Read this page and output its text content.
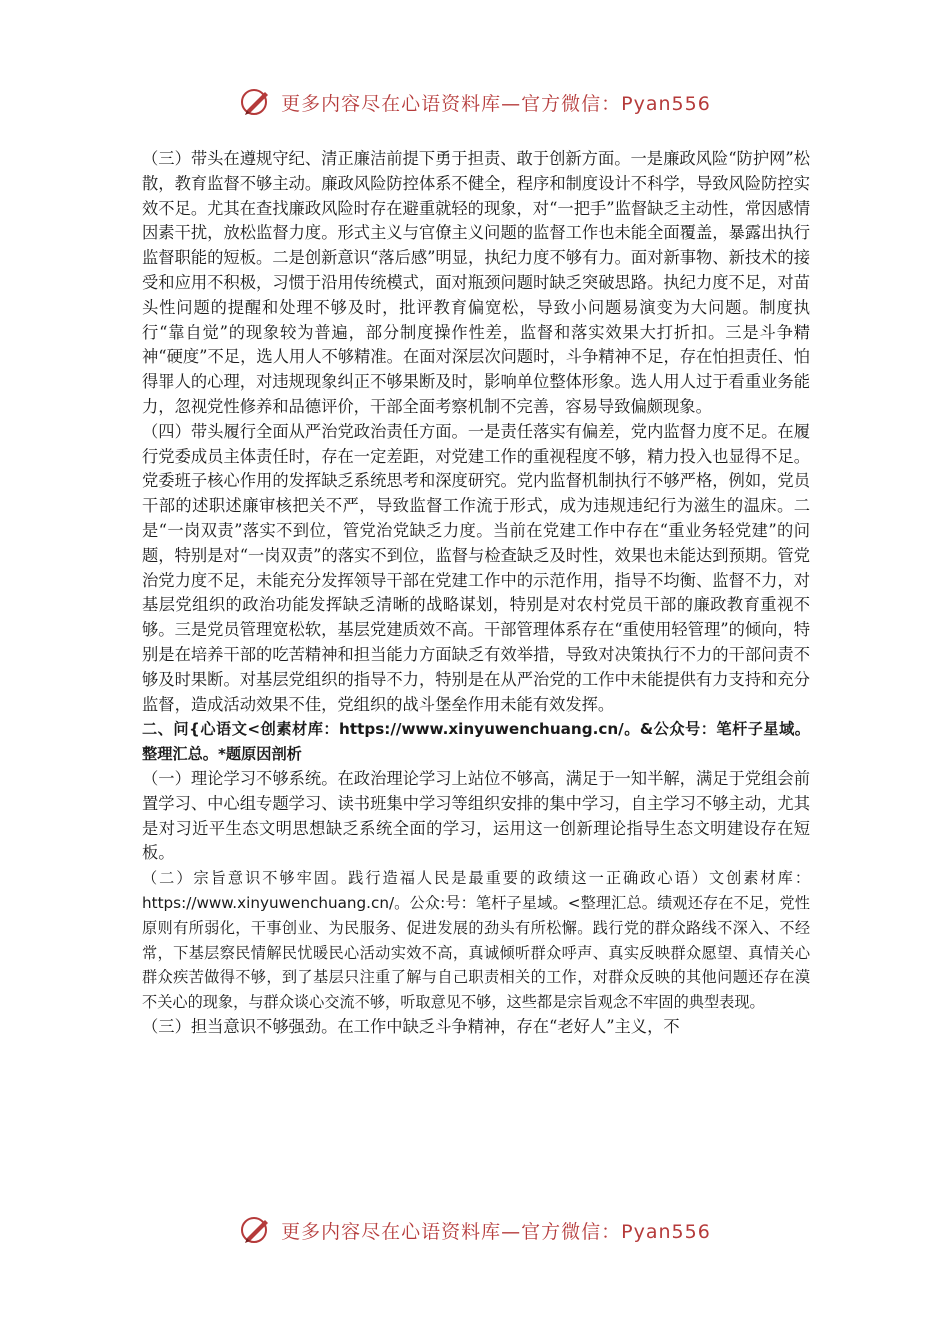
更多内容尽在心语资料库—官方微信：Pyan556

（三）带头在遵规守纪、清正廉洁前提下勇于担责、敢于创新方面。一是廉政风险“防护网”松散，教育监督不够主动。廉政风险防控体系不健全，程序和制度设计不科学，导致风险防控实效不足。尤其在查找廉政风险时存在避重就轻的现象，对“一把手”监督缺乏主动性，常因感情因素干扰，放松监督力度。形式主义与官僚主义问题的监督工作也未能全面覆盖，暴露出执行监督职能的短板。二是创新意识“落后感”明显，执纪力度不够有力。面对新事物、新技术的接受和应用不积极，习惯于沿用传统模式，面对瓶颈问题时缺乏突破思路。执纪力度不足，对苗头性问题的提醒和处理不够及时，批评教育偏宽松，导致小问题易演变为大问题。制度执行“靠自觉”的现象较为普遍，部分制度操作性差，监督和落实效果大打折扣。三是斗争精神“硬度”不足，选人用人不够精准。在面对深层次问题时，斗争精神不足，存在怕担责任、怕得罪人的心理，对违规现象纠正不够果断及时，影响单位整体形象。选人用人过于看重业务能力，忽视党性修养和品德评价，干部全面考察机制不完善，容易导致偏颇现象。

（四）带头履行全面从严治党政治责任方面。一是责任落实有偏差，党内监督力度不足。在履行党委成员主体责任时，存在一定差距，对党建工作的重视程度不够，精力投入也显得不足。党委班子核心作用的发挥缺乏系统思考和深度研究。党内监督机制执行不够严格，例如，党员干部的述职述廉审核把关不严，导致监督工作流于形式，成为违规违纪行为滋生的温床。二是“一岗双责”落实不到位，管党治党缺乏力度。当前在党建工作中存在“重业务轻党建”的问题，特别是对“一岗双责”的落实不到位，监督与检查缺乏及时性，效果也未能达到预期。管党治党力度不足，未能充分发挥领导干部在党建工作中的示范作用，指导不均衡、监督不力，对基层党组织的政治功能发挥缺乏清晰的战略谋划，特别是对农村党员干部的廉政教育重视不够。三是党员管理宽松软，基层党建质效不高。干部管理体系存在“重使用轻管理”的倾向，特别是在培养干部的吃苦精神和担当能力方面缺乏有效举措，导致对决策执行不力的干部问责不够及时果断。对基层党组织的指导不力，特别是在从严治党的工作中未能提供有力支持和充分监督，造成活动效果不佳，党组织的战斗堡垒作用未能有效发挥。

二、问{心语文<创素材库：https://www.xinyuwenchuang.cn/。&公众号：笔杆子星域。整理汇总。*题原因剖析

（一）理论学习不够系统。在政治理论学习上站位不够高，满足于一知半解，满足于党组会前置学习、中心组专题学习、读书班集中学习等组织安排的集中学习，自主学习不够主动，尤其是对习近平生态文明思想缺乏系统全面的学习，运用这一创新理论指导生态文明建设存在短板。

（二）宗旨意识不够牢固。践行造福人民是最重要的政绩这一正确政心语）文创素材库：https://www.xinyuwenchuang.cn/。公众:号：笔杆子星域。<整理汇总。绩观还存在不足，党性原则有所弱化，干事创业、为民服务、促进发展的劲头有所松懈。践行党的群众路线不深入、不经常，下基层察民情解民忧暖民心活动实效不高，真诚倾听群众呼声、真实反映群众愿望、真情关心群众疾苦做得不够，到了基层只注重了解与自己职责相关的工作，对群众反映的其他问题还存在漠不关心的现象，与群众谈心交流不够，听取意见不够，这些都是宗旨观念不牢固的典型表现。

（三）担当意识不够强劲。在工作中缺乏斗争精神，存在“老好人”主义，不

更多内容尽在心语资料库—官方微信：Pyan556
